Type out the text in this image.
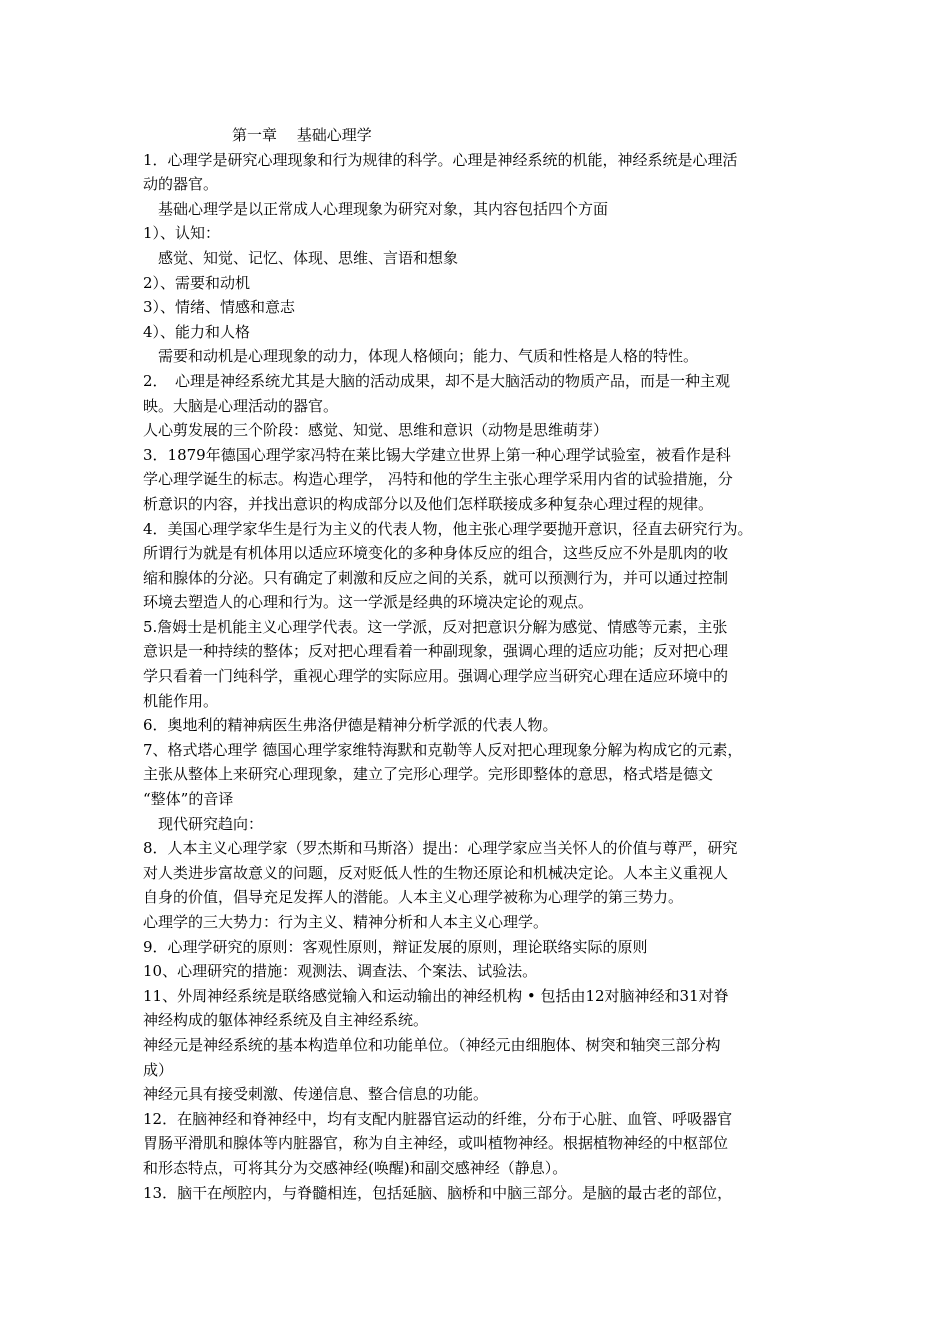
第一章　 基础心理学
1．心理学是研究心理现象和行为规律的科学。心理是神经系统的机能，神经系统是心理活
动的器官。
　基础心理学是以正常成人心理现象为研究对象，其内容包括四个方面
1）、认知：
　感觉、知觉、记忆、体现、思维、言语和想象
2）、需要和动机
3）、情绪、情感和意志
4）、能力和人格
　需要和动机是心理现象的动力，体现人格倾向；能力、气质和性格是人格的特性。
2．　心理是神经系统尤其是大脑的活动成果，却不是大脑活动的物质产品，而是一种主观
映。大脑是心理活动的器官。
人心剪发展的三个阶段：感觉、知觉、思维和意识（动物是思维萌芽）
3．1879年德国心理学家冯特在莱比锡大学建立世界上第一种心理学试验室，被看作是科
学心理学诞生的标志。构造心理学， 冯特和他的学生主张心理学采用内省的试验措施，分
析意识的内容，并找出意识的构成部分以及他们怎样联接成多种复杂心理过程的规律。
4．美国心理学家华生是行为主义的代表人物，他主张心理学要抛开意识，径直去研究行为。
所谓行为就是有机体用以适应环境变化的多种身体反应的组合，这些反应不外是肌肉的收
缩和腺体的分泌。只有确定了刺激和反应之间的关系，就可以预测行为，并可以通过控制
环境去塑造人的心理和行为。这一学派是经典的环境决定论的观点。
5.詹姆士是机能主义心理学代表。这一学派，反对把意识分解为感觉、情感等元素，主张
意识是一种持续的整体；反对把心理看着一种副现象，强调心理的适应功能；反对把心理
学只看着一门纯科学，重视心理学的实际应用。强调心理学应当研究心理在适应环境中的
机能作用。
6．奥地利的精神病医生弗洛伊德是精神分析学派的代表人物。
7、格式塔心理学 德国心理学家维特海默和克勒等人反对把心理现象分解为构成它的元素，
主张从整体上来研究心理现象，建立了完形心理学。完形即整体的意思，格式塔是德文
“整体”的音译
　现代研究趋向：
8．人本主义心理学家（罗杰斯和马斯洛）提出：心理学家应当关怀人的价值与尊严，研究
对人类进步富故意义的问题，反对贬低人性的生物还原论和机械决定论。人本主义重视人
自身的价值，倡导充足发挥人的潜能。人本主义心理学被称为心理学的第三势力。
心理学的三大势力：行为主义、精神分析和人本主义心理学。
9．心理学研究的原则：客观性原则，辩证发展的原则，理论联络实际的原则
10、心理研究的措施：观测法、调查法、个案法、试验法。
11、外周神经系统是联络感觉输入和运动输出的神经机构 • 包括由12对脑神经和31对脊
神经构成的躯体神经系统及自主神经系统。
神经元是神经系统的基本构造单位和功能单位。（神经元由细胞体、树突和轴突三部分构
成）
神经元具有接受刺激、传递信息、整合信息的功能。
12．在脑神经和脊神经中，均有支配内脏器官运动的纤维，分布于心脏、血管、呼吸器官
胃肠平滑肌和腺体等内脏器官，称为自主神经，或叫植物神经。根据植物神经的中枢部位
和形态特点，可将其分为交感神经(唤醒)和副交感神经（静息）。
13．脑干在颅腔内，与脊髓相连，包括延脑、脑桥和中脑三部分。是脑的最古老的部位，
